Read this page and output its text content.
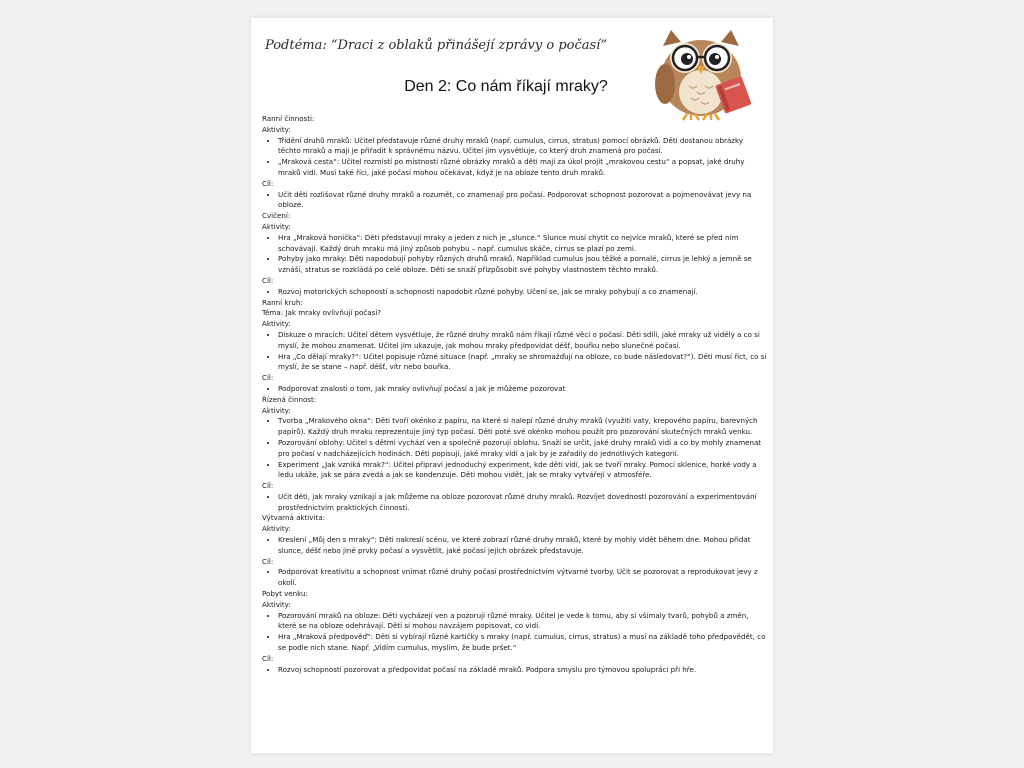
Podtéma: “Draci z oblaků přinášejí zprávy o počasí”
Den 2: Co nám říkají mraky?

Ranní činnosti:

Aktivity:

• Třídění druhů mraků: Učitel představuje různé druhy mraků (např. cumulus, cirrus, stratus) pomocí obrázků. Děti dostanou obrázky těchto mraků a mají je přiřadit k správnému názvu. Učitel jim vysvětluje, co který druh znamená pro počasí.
• „Mraková cesta“: Učitel rozmístí po místnosti různé obrázky mraků a děti mají za úkol projít „mrakovou cestu“ a popsat, jaké druhy mraků vidí. Musí také říci, jaké počasí mohou očekávat, když je na obloze tento druh mraků.

Cíl:

• Učit děti rozlišovat různé druhy mraků a rozumět, co znamenají pro počasí. Podporovat schopnost pozorovat a pojmenovávat jevy na obloze.

Cvičení:

Aktivity:

• Hra „Mraková honička“: Děti představují mraky a jeden z nich je „slunce.“ Slunce musí chytit co nejvíce mraků, které se před ním schovávají. Každý druh mraku má jiný způsob pohybu – např. cumulus skáče, cirrus se plazí po zemi.
• Pohyby jako mraky: Děti napodobují pohyby různých druhů mraků. Například cumulus jsou těžké a pomalé, cirrus je lehký a jemně se vznáší, stratus se rozkládá po celé obloze. Děti se snaží přizpůsobit své pohyby vlastnostem těchto mraků.

Cíl:

• Rozvoj motorických schopností a schopnosti napodobit různé pohyby. Učení se, jak se mraky pohybují a co znamenají.

Ranní kruh:

Téma: Jak mraky ovlivňují počasí?

Aktivity:

• Diskuze o mracích: Učitel dětem vysvětluje, že různé druhy mraků nám říkají různé věci o počasí. Děti sdílí, jaké mraky už viděly a co si myslí, že mohou znamenat. Učitel jim ukazuje, jak mohou mraky předpovídat déšť, bouřku nebo slunečné počasí.
• Hra „Co dělají mraky?“: Učitel popisuje různé situace (např. „mraky se shromažďují na obloze, co bude následovat?“). Děti musí říct, co si myslí, že se stane – např. déšť, vítr nebo bouřka.

Cíl:

• Podporovat znalosti o tom, jak mraky ovlivňují počasí a jak je můžeme pozorovat

Řízená činnost:

Aktivity:

• Tvorba „Mrakového okna“: Děti tvoří okénko z papíru, na které si nalepí různé druhy mraků (využití vaty, krepového papíru, barevných papírů). Každý druh mraku reprezentuje jiný typ počasí. Děti poté své okénko mohou použít pro pozorování skutečných mraků venku.
• Pozorování oblohy: Učitel s dětmi vychází ven a společně pozorují oblohu. Snaží se určit, jaké druhy mraků vidí a co by mohly znamenat pro počasí v nadcházejících hodinách. Děti popisují, jaké mraky vidí a jak by je zařadily do jednotlivých kategorií.
• Experiment „Jak vzniká mrak?“: Učitel připraví jednoduchý experiment, kde děti vidí, jak se tvoří mraky. Pomocí sklenice, horké vody a ledu ukáže, jak se pára zvedá a jak se kondenzuje. Děti mohou vidět, jak se mraky vytvářejí v atmosféře.

Cíl:

• Učit děti, jak mraky vznikají a jak můžeme na obloze pozorovat různé druhy mraků. Rozvíjet dovednosti pozorování a experimentování prostřednictvím praktických činností.

Výtvarná aktivita:

Aktivity:

• Kreslení „Můj den s mraky“: Děti nakreslí scénu, ve které zobrazí různé druhy mraků, které by mohly vidět během dne. Mohou přidat slunce, déšť nebo jiné prvky počasí a vysvětlit, jaké počasí jejich obrázek představuje.

Cíl:

• Podporovat kreativitu a schopnost vnímat různé druhy počasí prostřednictvím výtvarné tvorby. Učit se pozorovat a reprodukovat jevy z okolí.

Pobyt venku:

Aktivity:

• Pozorování mraků na obloze: Děti vycházejí ven a pozorují různé mraky. Učitel je vede k tomu, aby si všímaly tvarů, pohybů a změn, které se na obloze odehrávají. Děti si mohou navzájem popisovat, co vidí.
• Hra „Mraková předpověď“: Děti si vybírají různé kartičky s mraky (např. cumulus, cirrus, stratus) a musí na základě toho předpovědět, co se podle nich stane. Např. „Vidím cumulus, myslím, že bude pršet.“

Cíl:

• Rozvoj schopnosti pozorovat a předpovídat počasí na základě mraků. Podpora smyslu pro týmovou spolupráci při hře.
